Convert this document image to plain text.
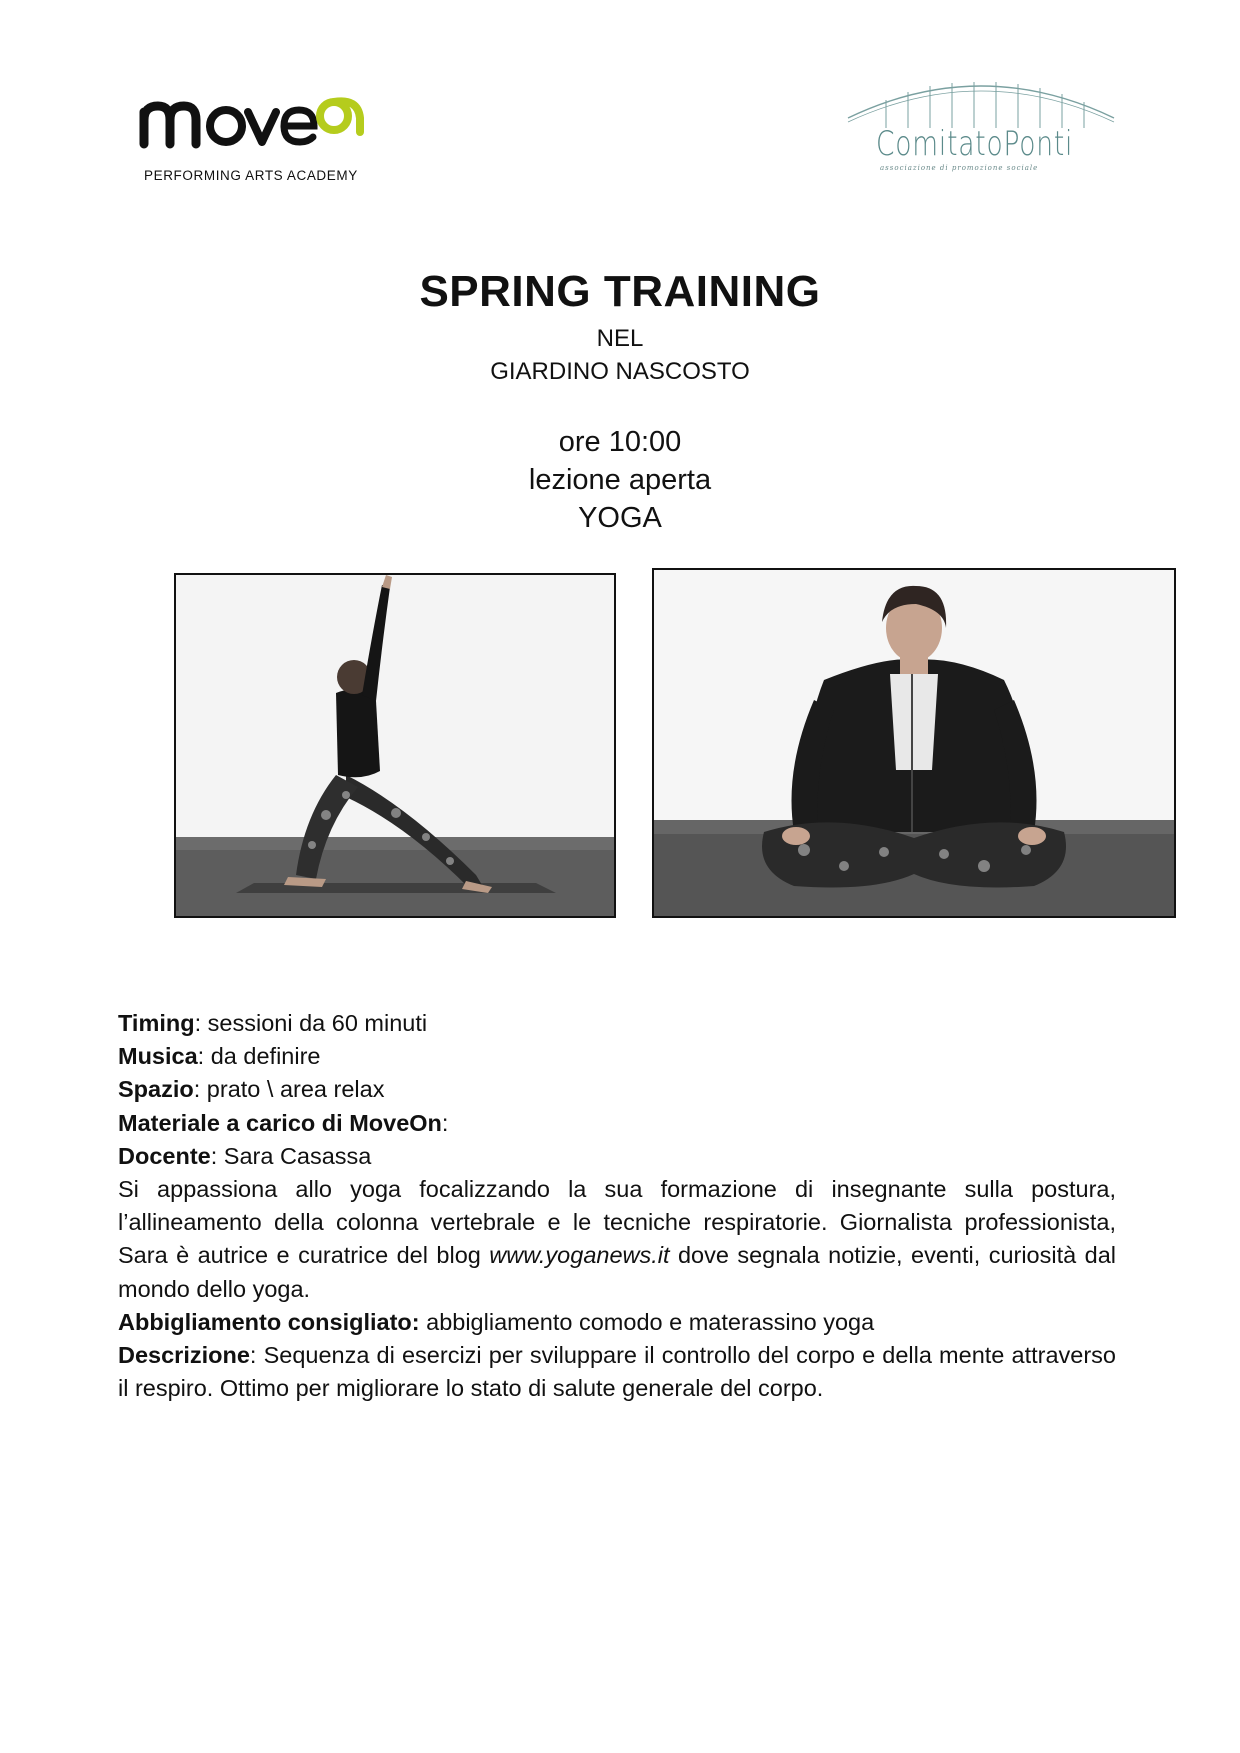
PERFORMING ARTS ACADEMY
ComitatoPonti
associazione di promozione sociale
SPRING TRAINING

NEL

GIARDINO NASCOSTO

ore 10:00

lezione aperta

YOGA

Timing: sessioni da 60 minuti

Musica: da definire

Spazio: prato \ area relax

Materiale a carico di MoveOn:

Docente: Sara Casassa

Si appassiona allo yoga focalizzando la sua formazione di insegnante sulla postura, l’allineamento della colonna vertebrale e le tecniche respiratorie. Giornalista professionista, Sara è autrice e curatrice del blog www.yoganews.it dove segnala notizie, eventi, curiosità dal mondo dello yoga.

Abbigliamento consigliato: abbigliamento comodo e materassino yoga

Descrizione: Sequenza di esercizi per sviluppare il controllo del corpo e della mente attraverso il respiro. Ottimo per migliorare lo stato di salute generale del corpo.
